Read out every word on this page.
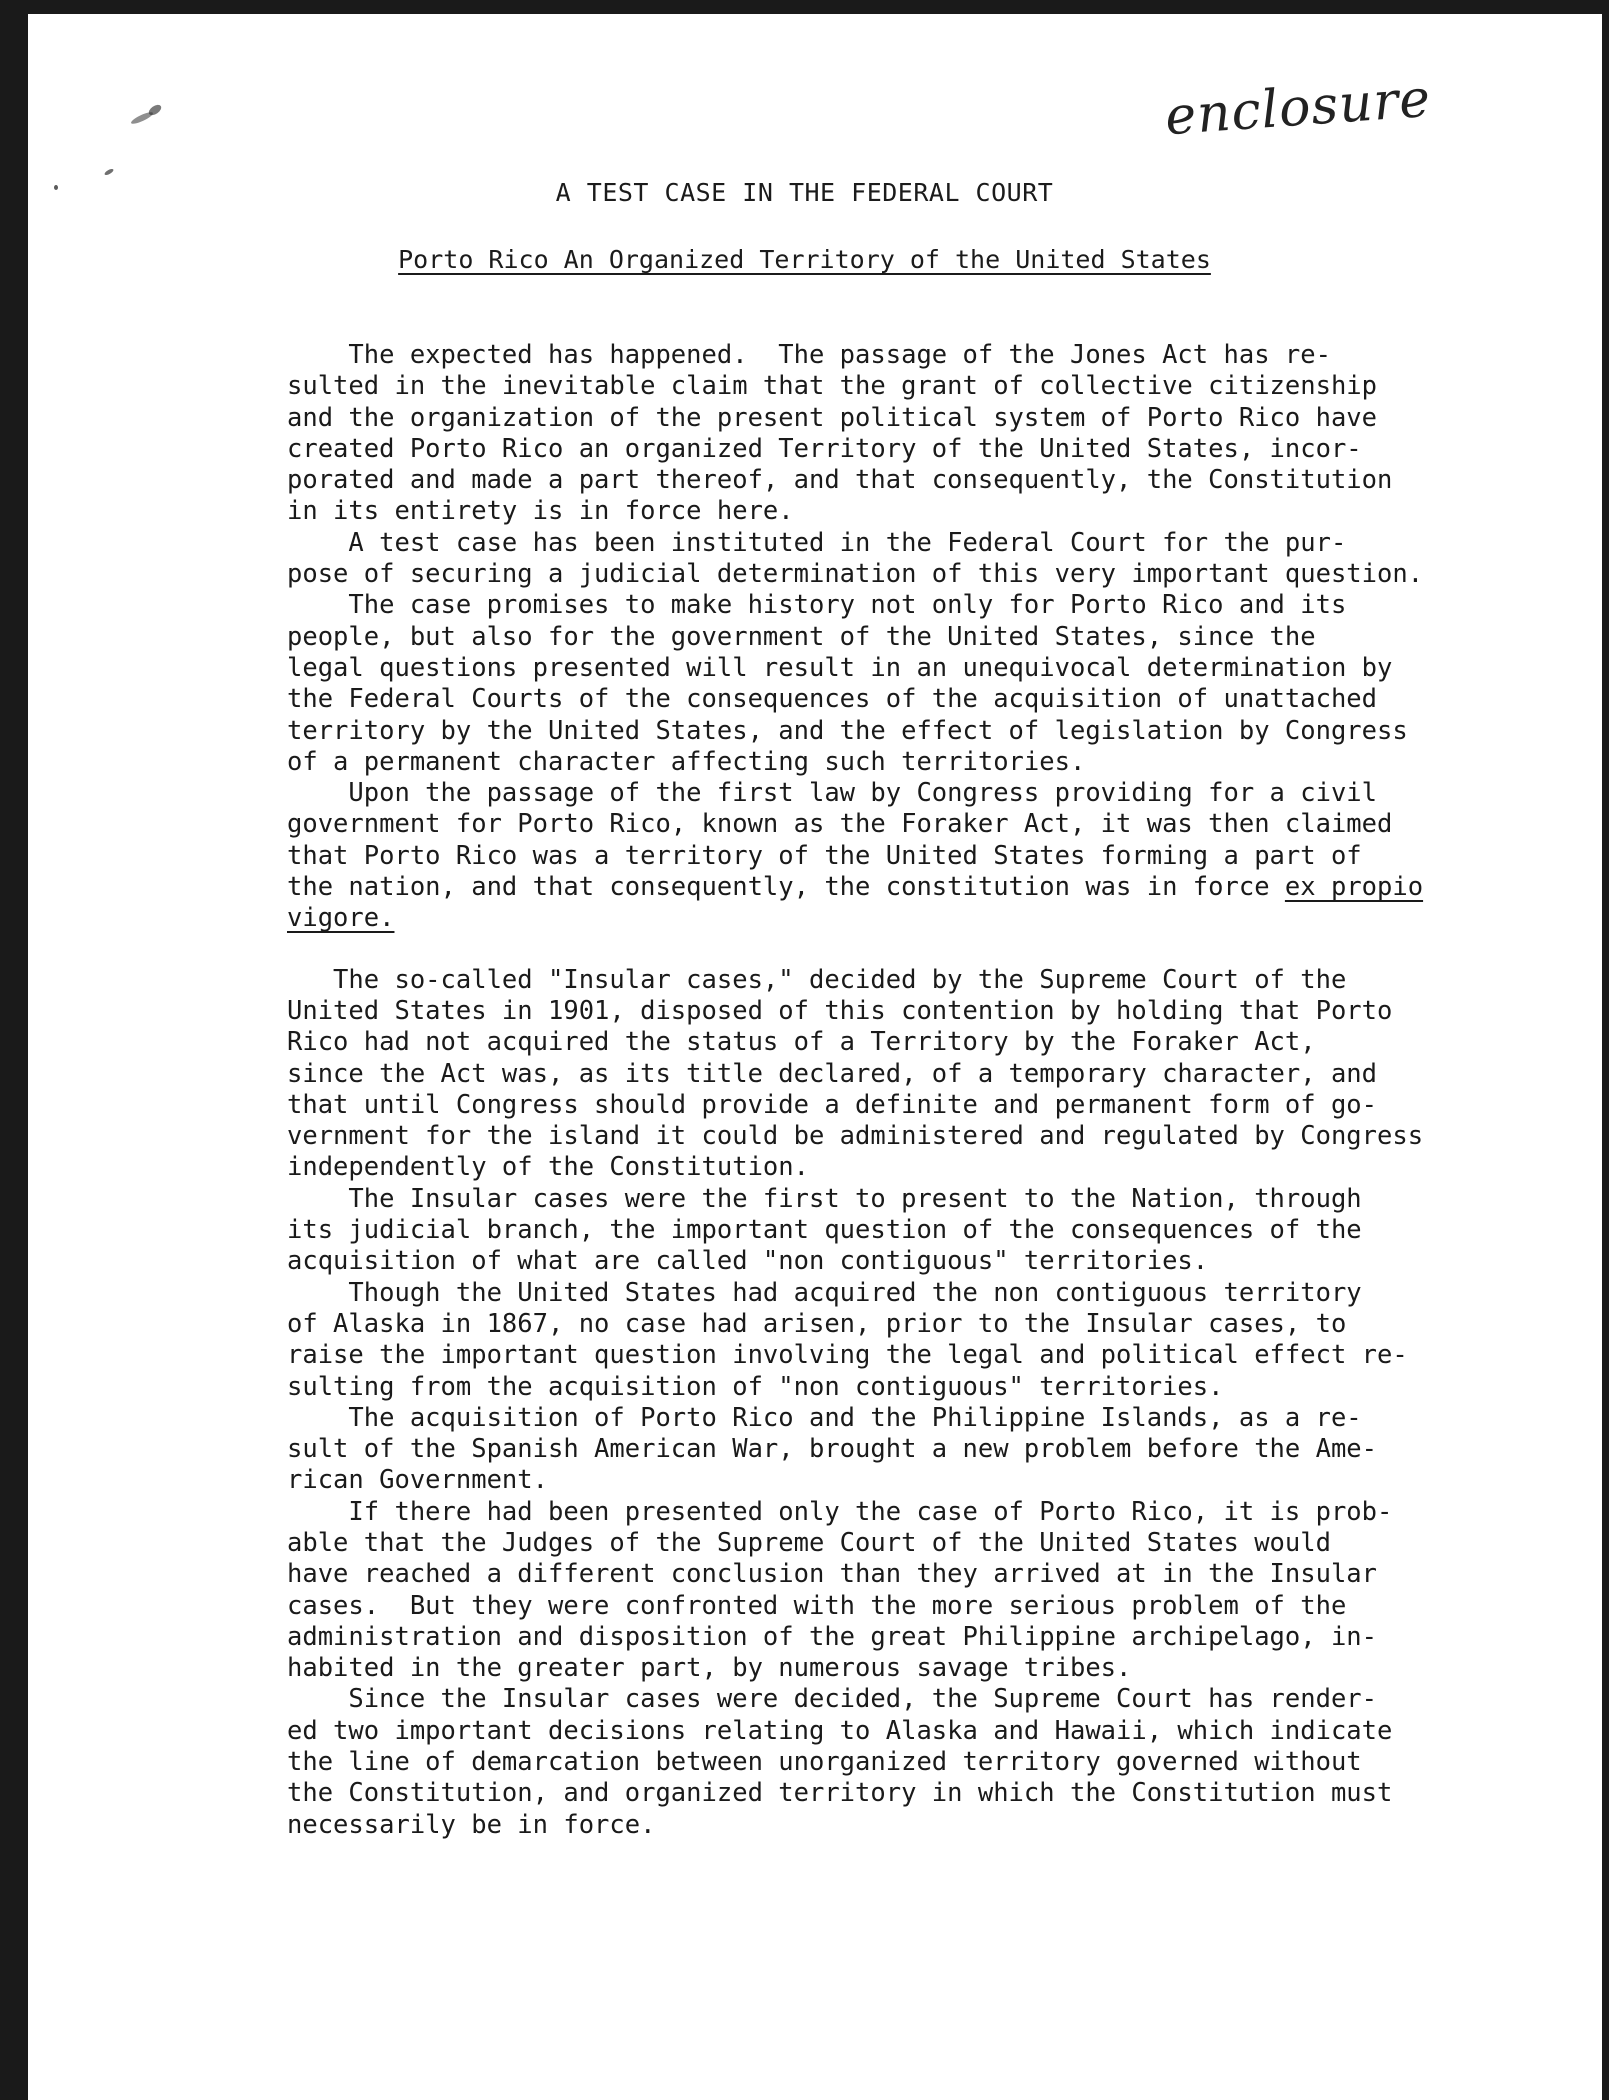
enclosure

A TEST CASE IN THE FEDERAL COURT

Porto Rico An Organized Territory of the United States

The expected has happened.  The passage of the Jones Act has re-
sulted in the inevitable claim that the grant of collective citizenship
and the organization of the present political system of Porto Rico have
created Porto Rico an organized Territory of the United States, incor-
porated and made a part thereof, and that consequently, the Constitution
in its entirety is in force here.
A test case has been instituted in the Federal Court for the pur-
pose of securing a judicial determination of this very important question.
The case promises to make history not only for Porto Rico and its
people, but also for the government of the United States, since the
legal questions presented will result in an unequivocal determination by
the Federal Courts of the consequences of the acquisition of unattached
territory by the United States, and the effect of legislation by Congress
of a permanent character affecting such territories.
Upon the passage of the first law by Congress providing for a civil
government for Porto Rico, known as the Foraker Act, it was then claimed
that Porto Rico was a territory of the United States forming a part of
the nation, and that consequently, the constitution was in force ex propio
vigore.
The so-called "Insular cases," decided by the Supreme Court of the
United States in 1901, disposed of this contention by holding that Porto
Rico had not acquired the status of a Territory by the Foraker Act,
since the Act was, as its title declared, of a temporary character, and
that until Congress should provide a definite and permanent form of go-
vernment for the island it could be administered and regulated by Congress
independently of the Constitution.
The Insular cases were the first to present to the Nation, through
its judicial branch, the important question of the consequences of the
acquisition of what are called "non contiguous" territories.
Though the United States had acquired the non contiguous territory
of Alaska in 1867, no case had arisen, prior to the Insular cases, to
raise the important question involving the legal and political effect re-
sulting from the acquisition of "non contiguous" territories.
The acquisition of Porto Rico and the Philippine Islands, as a re-
sult of the Spanish American War, brought a new problem before the Ame-
rican Government.
If there had been presented only the case of Porto Rico, it is prob-
able that the Judges of the Supreme Court of the United States would
have reached a different conclusion than they arrived at in the Insular
cases.  But they were confronted with the more serious problem of the
administration and disposition of the great Philippine archipelago, in-
habited in the greater part, by numerous savage tribes.
Since the Insular cases were decided, the Supreme Court has render-
ed two important decisions relating to Alaska and Hawaii, which indicate
the line of demarcation between unorganized territory governed without
the Constitution, and organized territory in which the Constitution must
necessarily be in force.
